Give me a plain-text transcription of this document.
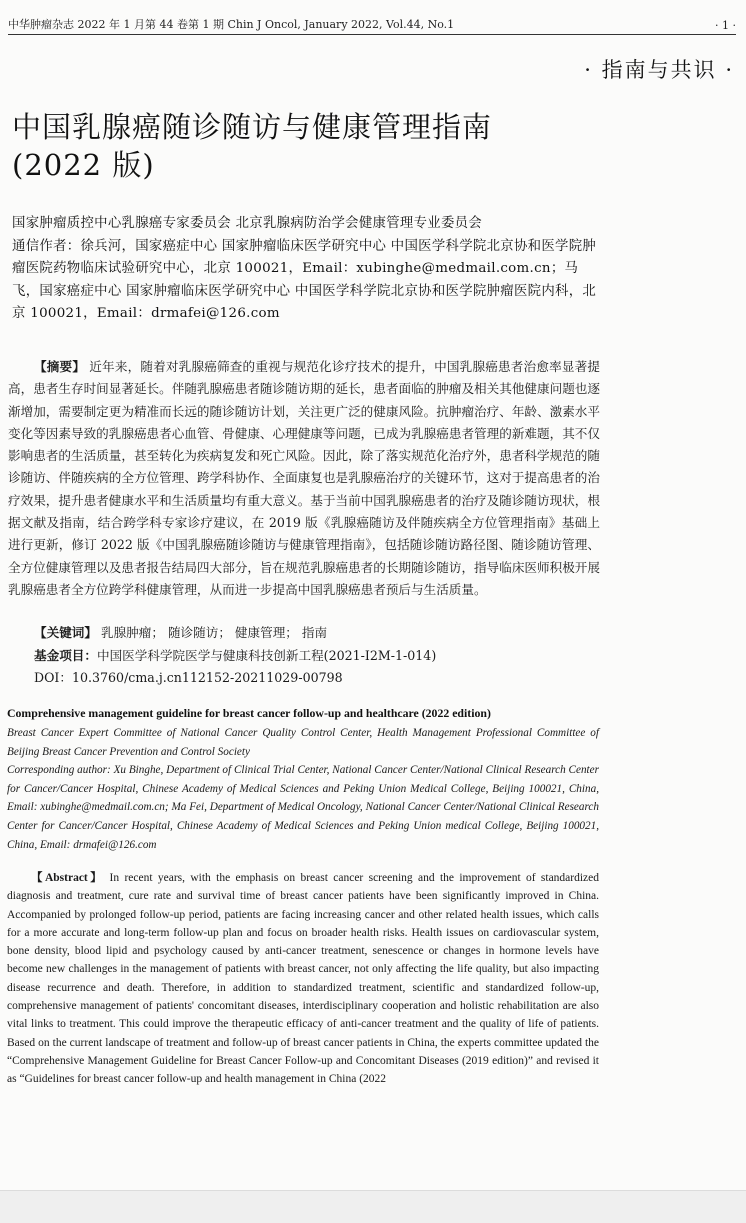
中华肿瘤杂志 2022 年 1 月第 44 卷第 1 期 Chin J Oncol, January 2022, Vol.44, No.1	· 1 ·
· 指南与共识 ·
中国乳腺癌随诊随访与健康管理指南
(2022 版)

国家肿瘤质控中心乳腺癌专家委员会 北京乳腺病防治学会健康管理专业委员会

通信作者：徐兵河，国家癌症中心 国家肿瘤临床医学研究中心 中国医学科学院北京协和医学院肿瘤医院药物临床试验研究中心，北京 100021，Email：xubinghe@medmail.com.cn；马飞，国家癌症中心 国家肿瘤临床医学研究中心 中国医学科学院北京协和医学院肿瘤医院内科，北京 100021，Email：drmafei@126.com

【摘要】 近年来，随着对乳腺癌筛查的重视与规范化诊疗技术的提升，中国乳腺癌患者治愈率显著提高，患者生存时间显著延长。伴随乳腺癌患者随诊随访期的延长，患者面临的肿瘤及相关其他健康问题也逐渐增加，需要制定更为精准而长远的随诊随访计划，关注更广泛的健康风险。抗肿瘤治疗、年龄、激素水平变化等因素导致的乳腺癌患者心血管、骨健康、心理健康等问题，已成为乳腺癌患者管理的新难题，其不仅影响患者的生活质量，甚至转化为疾病复发和死亡风险。因此，除了落实规范化治疗外，患者科学规范的随诊随访、伴随疾病的全方位管理、跨学科协作、全面康复也是乳腺癌治疗的关键环节，这对于提高患者的治疗效果，提升患者健康水平和生活质量均有重大意义。基于当前中国乳腺癌患者的治疗及随诊随访现状，根据文献及指南，结合跨学科专家诊疗建议，在 2019 版《乳腺癌随访及伴随疾病全方位管理指南》基础上进行更新，修订 2022 版《中国乳腺癌随诊随访与健康管理指南》，包括随诊随访路径图、随诊随访管理、全方位健康管理以及患者报告结局四大部分，旨在规范乳腺癌患者的长期随诊随访，指导临床医师积极开展乳腺癌患者全方位跨学科健康管理，从而进一步提高中国乳腺癌患者预后与生活质量。

【关键词】 乳腺肿瘤； 随诊随访； 健康管理； 指南

基金项目：中国医学科学院医学与健康科技创新工程(2021-I2M-1-014)

DOI：10.3760/cma.j.cn112152-20211029-00798

Comprehensive management guideline for breast cancer follow-up and healthcare (2022 edition)

Breast Cancer Expert Committee of National Cancer Quality Control Center, Health Management Professional Committee of Beijing Breast Cancer Prevention and Control Society

Corresponding author: Xu Binghe, Department of Clinical Trial Center, National Cancer Center/National Clinical Research Center for Cancer/Cancer Hospital, Chinese Academy of Medical Sciences and Peking Union Medical College, Beijing 100021, China, Email: xubinghe@medmail.com.cn; Ma Fei, Department of Medical Oncology, National Cancer Center/National Clinical Research Center for Cancer/Cancer Hospital, Chinese Academy of Medical Sciences and Peking Union medical College, Beijing 100021, China, Email: drmafei@126.com

【Abstract】 In recent years, with the emphasis on breast cancer screening and the improvement of standardized diagnosis and treatment, cure rate and survival time of breast cancer patients have been significantly improved in China. Accompanied by prolonged follow-up period, patients are facing increasing cancer and other related health issues, which calls for a more accurate and long-term follow-up plan and focus on broader health risks. Health issues on cardiovascular system, bone density, blood lipid and psychology caused by anti-cancer treatment, senescence or changes in hormone levels have become new challenges in the management of patients with breast cancer, not only affecting the life quality, but also impacting disease recurrence and death. Therefore, in addition to standardized treatment, scientific and standardized follow-up, comprehensive management of patients' concomitant diseases, interdisciplinary cooperation and holistic rehabilitation are also vital links to treatment. This could improve the therapeutic efficacy of anti-cancer treatment and the quality of life of patients. Based on the current landscape of treatment and follow-up of breast cancer patients in China, the experts committee updated the “Comprehensive Management Guideline for Breast Cancer Follow-up and Concomitant Diseases (2019 edition)” and revised it as “Guidelines for breast cancer follow-up and health management in China (2022
